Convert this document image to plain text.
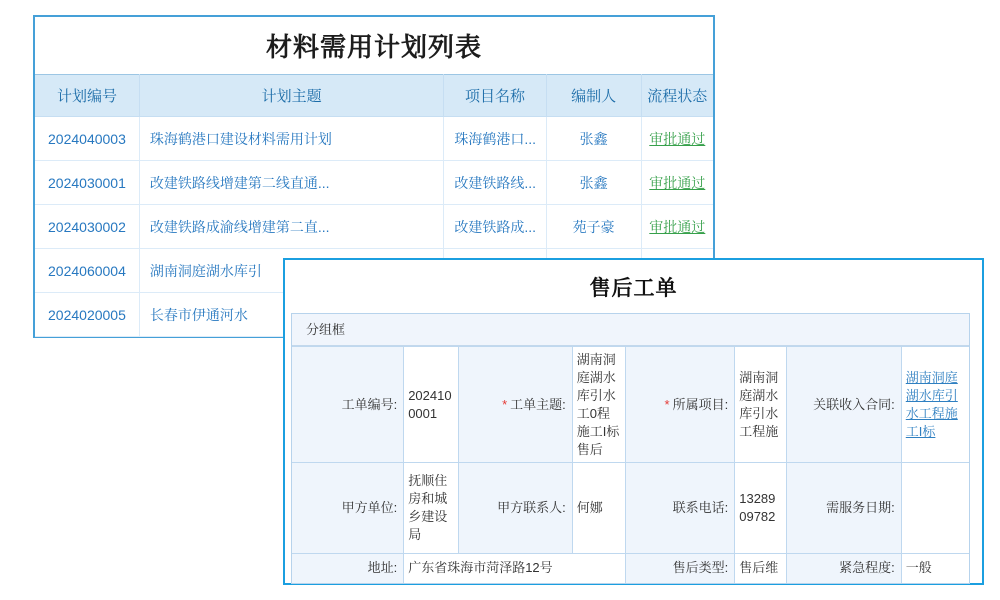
材料需用计划列表
计划编号	计划主题	项目名称	编制人	流程状态
2024040003	珠海鹤港口建设材料需用计划	珠海鹤港口...	张鑫	审批通过
2024030001	改建铁路线增建第二线直通...	改建铁路线...	张鑫	审批通过
2024030002	改建铁路成渝线增建第二直...	改建铁路成...	苑子豪	审批通过
2024060004	湖南洞庭湖水库引			
2024020005	长春市伊通河水			
售后工单
分组框
工单编号:	2024100001	* 工单主题:	湖南洞庭湖水库引水工0程施工I标售后	* 所属项目:	湖南洞庭湖水库引水工程施	关联收入合同:	湖南洞庭湖水库引水工程施工I标
甲方单位:	抚顺住房和城乡建设局	甲方联系人:	何娜	联系电话:	1328909782	需服务日期:	
地址:	广东省珠海市菏泽路12号			售后类型:	售后维	紧急程度:	一般
